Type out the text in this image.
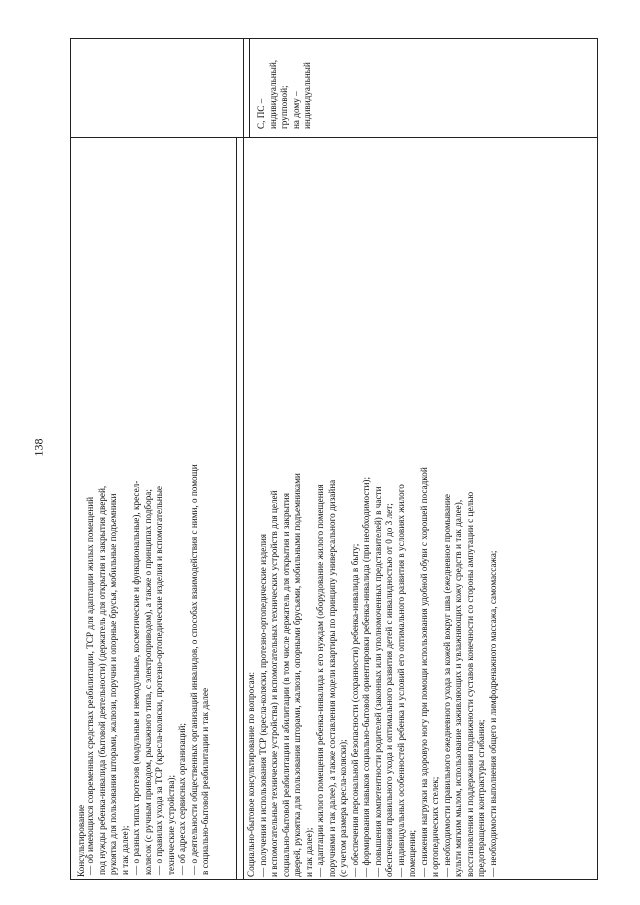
138
— об имеющихся современных средствах реабилитации, ТСР для адаптации жилых помещений под нужды ребенка-инвалида (бытовой деятельности) (держатель для открытия и закрытия дверей, рукоятка для пользования шторами, жалюзи, поручни и опорные брусья, мобильные подъемники и так далее); — о разных типах протезов (модульные и немодульные, косметические и функциональные), кресел- колясок (с ручным приводом, рычажного типа, с электроприводом), а также о принципах подбора; — о правилах ухода за ТСР (кресла-коляски, протезно-ортопедические изделия и вспомогательные технические устройства); — об адресах сервисных организаций; — о деятельности общественных организаций инвалидов, о способах взаимодействия с ними, о помощи в социально-бытовой реабилитации и так далее
Консультирование
С, ПС – индивидуальный, групповой; на дому – индивидуальный
Социально-бытовое консультирование по вопросам: — получения и использования ТСР (кресла-коляски, протезно-ортопедические изделия и вспомогательные технические устройства) и вспомогательных технических устройств для целей социально-бытовой реабилитации и абилитации (в том числе держатель для открытия и закрытия дверей, рукоятка для пользования шторами, жалюзи, опорными брусьями, мобильными подъемниками и так далее); — адаптации жилого помещения ребенка-инвалида к его нуждам (оборудование жилого помещения поручнями и так далее), а также составления модели квартиры по принципу универсального дизайна (с учетом размера кресла-коляски); — обеспечения персональной безопасности (сохранности) ребенка-инвалида в быту; — формирования навыков социально-бытовой ориентировки ребенка-инвалида (при необходимости); — повышения компетентности родителей (законных или уполномоченных представителей) в части обеспечения правильного ухода и оптимального развития детей с инвалидностью от 0 до 3 лет; — индивидуальных особенностей ребенка и условий его оптимального развития в условиях жилого помещения; — снижения нагрузки на здоровую ногу при помощи использования удобной обуви с хорошей посадкой и ортопедических стелек; — необходимости правильного ежедневного ухода за кожей вокруг шва (ежедневное промывание культи мягким мылом, использование заживляющих и увлажняющих кожу средств и так далее), восстановления и поддержания подвижности суставов конечности со стороны ампутации с целью предотвращения контрактуры сгибания; — необходимости выполнения общего и лимфодренажного массажа, самомассажа;
